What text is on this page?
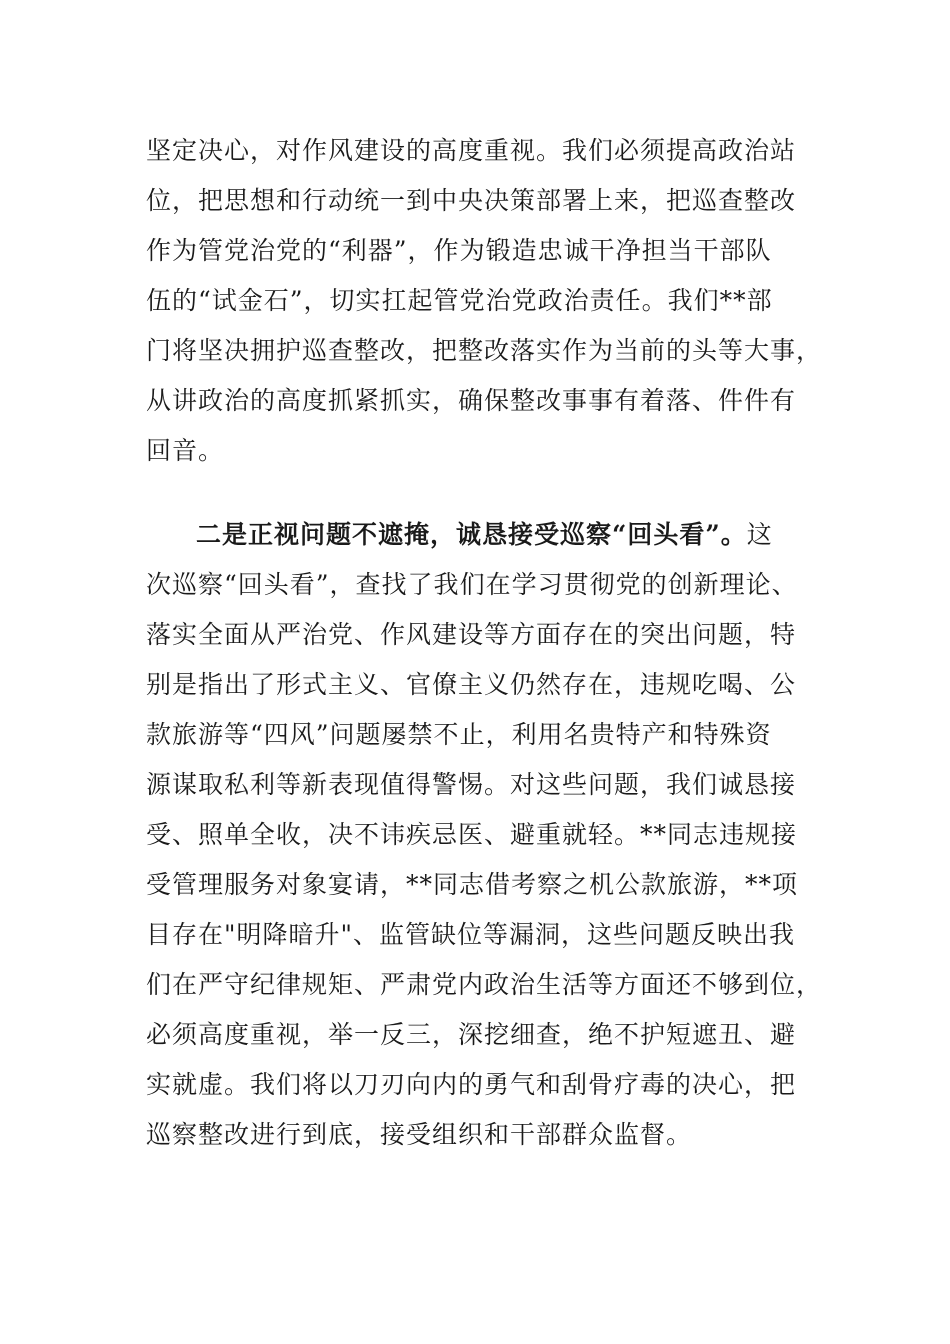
坚定决心，对作风建设的高度重视。我们必须提高政治站
位，把思想和行动统一到中央决策部署上来，把巡查整改
作为管党治党的“利器”，作为锻造忠诚干净担当干部队
伍的“试金石”，切实扛起管党治党政治责任。我们**部
门将坚决拥护巡查整改，把整改落实作为当前的头等大事，
从讲政治的高度抓紧抓实，确保整改事事有着落、件件有
回音。
二是正视问题不遮掩，诚恳接受巡察“回头看”。这
次巡察“回头看”，查找了我们在学习贯彻党的创新理论、
落实全面从严治党、作风建设等方面存在的突出问题，特
别是指出了形式主义、官僚主义仍然存在，违规吃喝、公
款旅游等“四风”问题屡禁不止，利用名贵特产和特殊资
源谋取私利等新表现值得警惕。对这些问题，我们诚恳接
受、照单全收，决不讳疾忌医、避重就轻。**同志违规接
受管理服务对象宴请，**同志借考察之机公款旅游，**项
目存在"明降暗升"、监管缺位等漏洞，这些问题反映出我
们在严守纪律规矩、严肃党内政治生活等方面还不够到位，
必须高度重视，举一反三，深挖细查，绝不护短遮丑、避
实就虚。我们将以刀刃向内的勇气和刮骨疗毒的决心，把
巡察整改进行到底，接受组织和干部群众监督。
